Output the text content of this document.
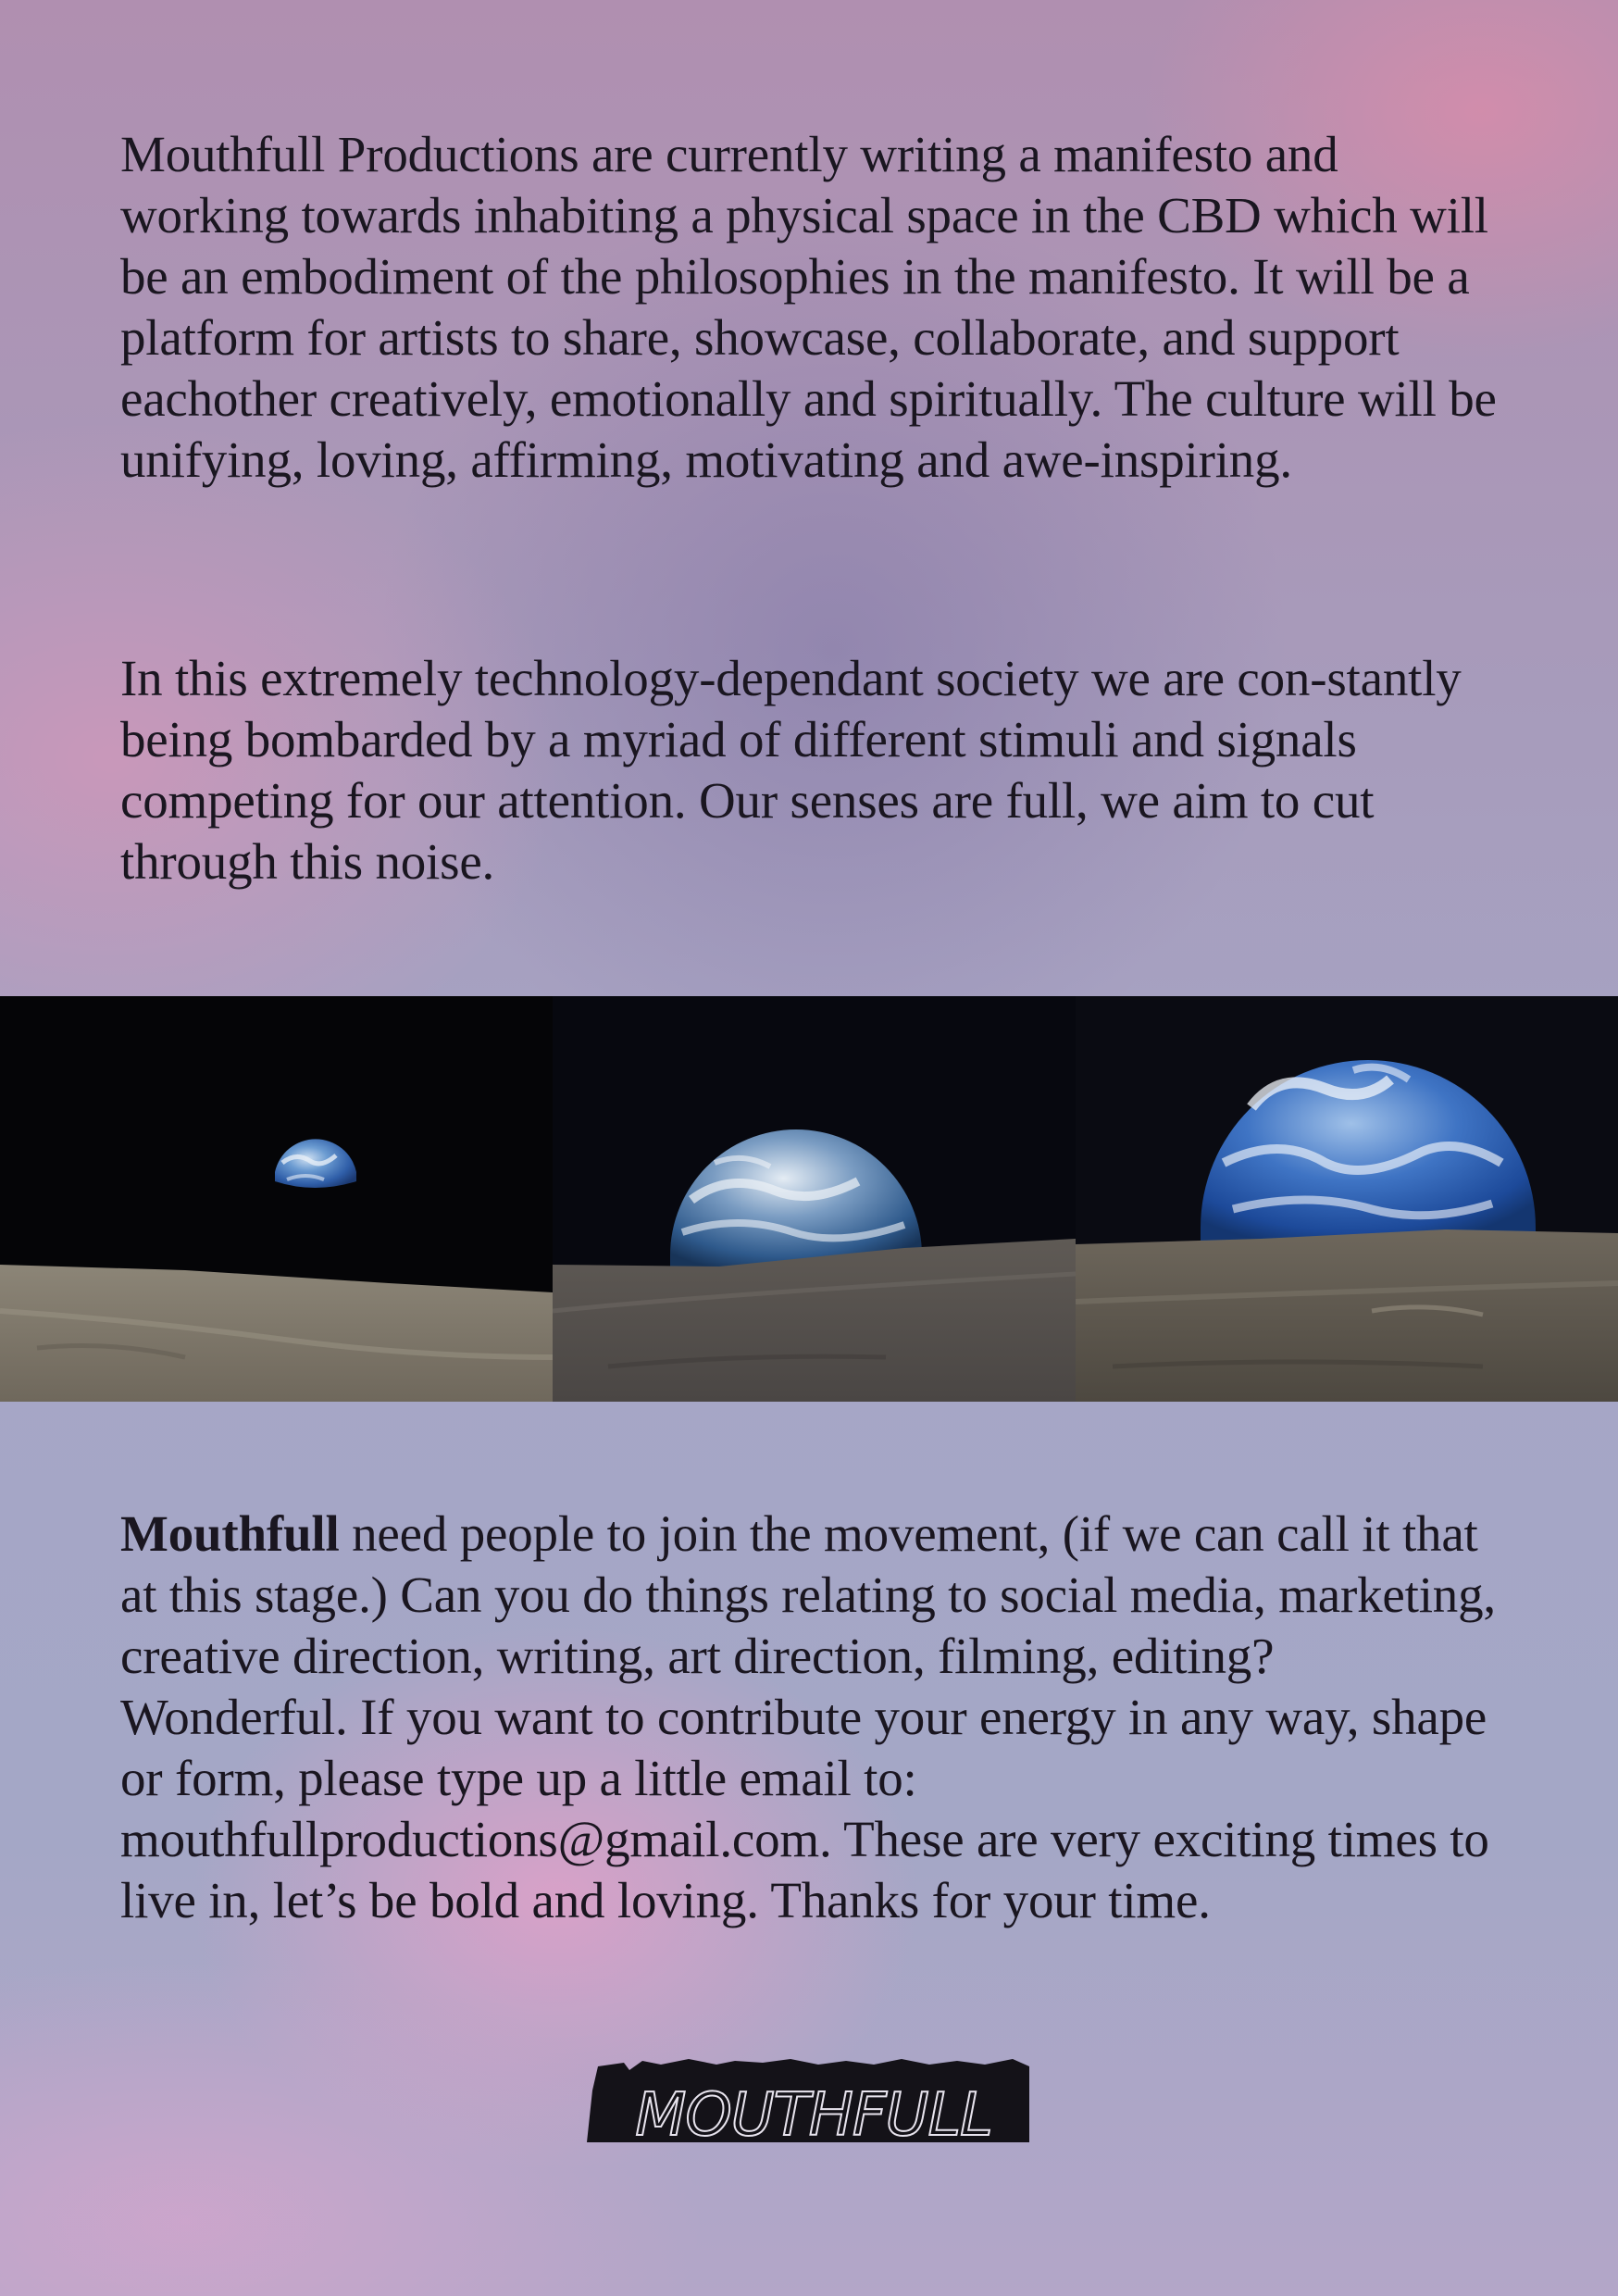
Mouthfull Productions are currently writing a manifesto and working towards inhabiting a physical space in the CBD which will be an embodiment of the philosophies in the manifesto. It will be a platform for artists to share, showcase, collaborate, and support eachother creatively, emotionally and spiritually. The culture will be unifying, loving, affirming, motivating and awe-inspiring.

In this extremely technology-dependant society we are con-stantly being bombarded by a myriad of different stimuli and signals competing for our attention. Our senses are full, we aim to cut through this noise.

Mouthfull need people to join the movement, (if we can call it that at this stage.) Can you do things relating to social media, marketing, creative direction, writing, art direction, filming, editing? Wonderful. If you want to contribute your energy in any way, shape or form, please type up a little email to: mouthfullproductions@gmail.com. These are very exciting times to live in, let’s be bold and loving. Thanks for your time.

MOUTHFULL
